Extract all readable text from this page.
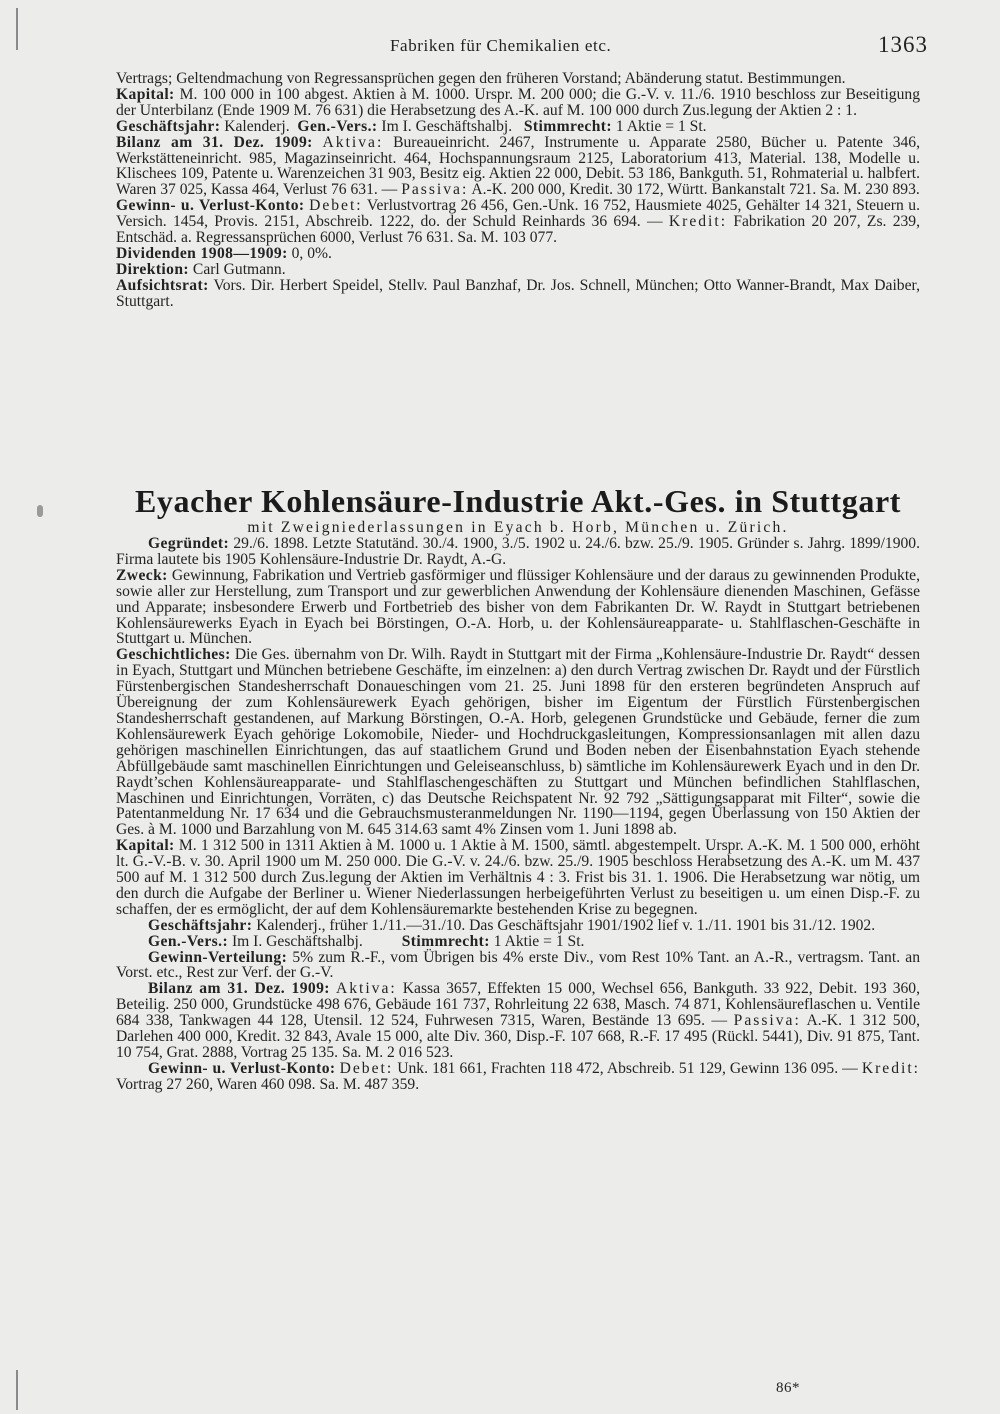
Fabriken für Chemikalien etc.	1363

Vertrags; Geltendmachung von Regressansprüchen gegen den früheren Vorstand; Abänderung statut. Bestimmungen.

Kapital: M. 100 000 in 100 abgest. Aktien à M. 1000. Urspr. M. 200 000; die G.-V. v. 11./6. 1910 beschloss zur Beseitigung der Unterbilanz (Ende 1909 M. 76 631) die Herabsetzung des A.-K. auf M. 100 000 durch Zus.legung der Aktien 2 : 1.

Geschäftsjahr: Kalenderj. Gen.-Vers.: Im I. Geschäftshalbj. Stimmrecht: 1 Aktie = 1 St.

Bilanz am 31. Dez. 1909: Aktiva: Bureaueinricht. 2467, Instrumente u. Apparate 2580, Bücher u. Patente 346, Werkstätteneinricht. 985, Magazinseinricht. 464, Hochspannungsraum 2125, Laboratorium 413, Material. 138, Modelle u. Klischees 109, Patente u. Warenzeichen 31 903, Besitz eig. Aktien 22 000, Debit. 53 186, Bankguth. 51, Rohmaterial u. halbfert. Waren 37 025, Kassa 464, Verlust 76 631. — Passiva: A.-K. 200 000, Kredit. 30 172, Württ. Bankanstalt 721. Sa. M. 230 893.

Gewinn- u. Verlust-Konto: Debet: Verlustvortrag 26 456, Gen.-Unk. 16 752, Hausmiete 4025, Gehälter 14 321, Steuern u. Versich. 1454, Provis. 2151, Abschreib. 1222, do. der Schuld Reinhards 36 694. — Kredit: Fabrikation 20 207, Zs. 239, Entschäd. a. Regressansprüchen 6000, Verlust 76 631. Sa. M. 103 077.

Dividenden 1908—1909: 0, 0%.

Direktion: Carl Gutmann.

Aufsichtsrat: Vors. Dir. Herbert Speidel, Stellv. Paul Banzhaf, Dr. Jos. Schnell, München; Otto Wanner-Brandt, Max Daiber, Stuttgart.

Eyacher Kohlensäure-Industrie Akt.-Ges. in Stuttgart

mit Zweigniederlassungen in Eyach b. Horb, München u. Zürich.

Gegründet: 29./6. 1898. Letzte Statutänd. 30./4. 1900, 3./5. 1902 u. 24./6. bzw. 25./9. 1905. Gründer s. Jahrg. 1899/1900. Firma lautete bis 1905 Kohlensäure-Industrie Dr. Raydt, A.-G.

Zweck: Gewinnung, Fabrikation und Vertrieb gasförmiger und flüssiger Kohlensäure und der daraus zu gewinnenden Produkte, sowie aller zur Herstellung, zum Transport und zur gewerblichen Anwendung der Kohlensäure dienenden Maschinen, Gefässe und Apparate; insbesondere Erwerb und Fortbetrieb des bisher von dem Fabrikanten Dr. W. Raydt in Stuttgart betriebenen Kohlensäurewerks Eyach in Eyach bei Börstingen, O.-A. Horb, u. der Kohlensäureapparate- u. Stahlflaschen-Geschäfte in Stuttgart u. München.

Geschichtliches: Die Ges. übernahm von Dr. Wilh. Raydt in Stuttgart mit der Firma „Kohlensäure-Industrie Dr. Raydt“ dessen in Eyach, Stuttgart und München betriebene Geschäfte, im einzelnen: a) den durch Vertrag zwischen Dr. Raydt und der Fürstlich Fürstenbergischen Standesherrschaft Donaueschingen vom 21. 25. Juni 1898 für den ersteren begründeten Anspruch auf Übereignung der zum Kohlensäurewerk Eyach gehörigen, bisher im Eigentum der Fürstlich Fürstenbergischen Standesherrschaft gestandenen, auf Markung Börstingen, O.-A. Horb, gelegenen Grundstücke und Gebäude, ferner die zum Kohlensäurewerk Eyach gehörige Lokomobile, Nieder- und Hochdruckgasleitungen, Kompressionsanlagen mit allen dazu gehörigen maschinellen Einrichtungen, das auf staatlichem Grund und Boden neben der Eisenbahnstation Eyach stehende Abfüllgebäude samt maschinellen Einrichtungen und Geleiseanschluss, b) sämtliche im Kohlensäurewerk Eyach und in den Dr. Raydt’schen Kohlensäureapparate- und Stahlflaschengeschäften zu Stuttgart und München befindlichen Stahlflaschen, Maschinen und Einrichtungen, Vorräten, c) das Deutsche Reichspatent Nr. 92 792 „Sättigungsapparat mit Filter“, sowie die Patentanmeldung Nr. 17 634 und die Gebrauchsmusteranmeldungen Nr. 1190—1194, gegen Überlassung von 150 Aktien der Ges. à M. 1000 und Barzahlung von M. 645 314.63 samt 4% Zinsen vom 1. Juni 1898 ab.

Kapital: M. 1 312 500 in 1311 Aktien à M. 1000 u. 1 Aktie à M. 1500, sämtl. abgestempelt. Urspr. A.-K. M. 1 500 000, erhöht lt. G.-V.-B. v. 30. April 1900 um M. 250 000. Die G.-V. v. 24./6. bzw. 25./9. 1905 beschloss Herabsetzung des A.-K. um M. 437 500 auf M. 1 312 500 durch Zus.legung der Aktien im Verhältnis 4 : 3. Frist bis 31. 1. 1906. Die Herabsetzung war nötig, um den durch die Aufgabe der Berliner u. Wiener Niederlassungen herbeigeführten Verlust zu beseitigen u. um einen Disp.-F. zu schaffen, der es ermöglicht, der auf dem Kohlensäuremarkte bestehenden Krise zu begegnen.

Geschäftsjahr: Kalenderj., früher 1./11.—31./10. Das Geschäftsjahr 1901/1902 lief v. 1./11. 1901 bis 31./12. 1902.

Gen.-Vers.: Im I. Geschäftshalbj. Stimmrecht: 1 Aktie = 1 St.

Gewinn-Verteilung: 5% zum R.-F., vom Übrigen bis 4% erste Div., vom Rest 10% Tant. an A.-R., vertragsm. Tant. an Vorst. etc., Rest zur Verf. der G.-V.

Bilanz am 31. Dez. 1909: Aktiva: Kassa 3657, Effekten 15 000, Wechsel 656, Bankguth. 33 922, Debit. 193 360, Beteilig. 250 000, Grundstücke 498 676, Gebäude 161 737, Rohrleitung 22 638, Masch. 74 871, Kohlensäureflaschen u. Ventile 684 338, Tankwagen 44 128, Utensil. 12 524, Fuhrwesen 7315, Waren, Bestände 13 695. — Passiva: A.-K. 1 312 500, Darlehen 400 000, Kredit. 32 843, Avale 15 000, alte Div. 360, Disp.-F. 107 668, R.-F. 17 495 (Rückl. 5441), Div. 91 875, Tant. 10 754, Grat. 2888, Vortrag 25 135. Sa. M. 2 016 523.

Gewinn- u. Verlust-Konto: Debet: Unk. 181 661, Frachten 118 472, Abschreib. 51 129, Gewinn 136 095. — Kredit: Vortrag 27 260, Waren 460 098. Sa. M. 487 359.

86*
